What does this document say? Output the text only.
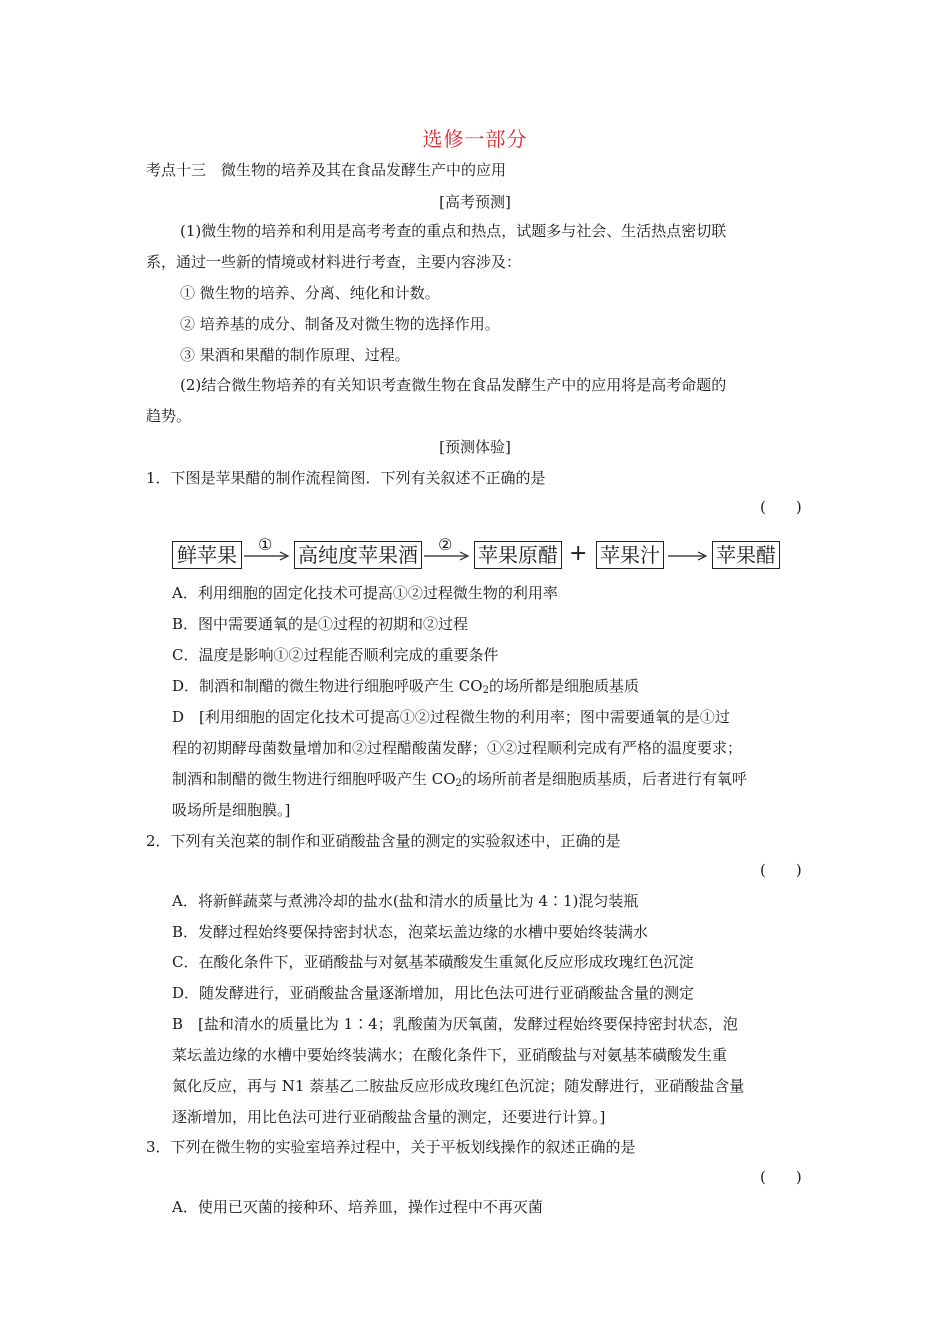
选修一部分
考点十三　微生物的培养及其在食品发酵生产中的应用
[高考预测]
(1)微生物的培养和利用是高考考查的重点和热点，试题多与社会、生活热点密切联
系，通过一些新的情境或材料进行考查，主要内容涉及：
① 微生物的培养、分离、纯化和计数。
② 培养基的成分、制备及对微生物的选择作用。
③ 果酒和果醋的制作原理、过程。
(2)结合微生物培养的有关知识考查微生物在食品发酵生产中的应用将是高考命题的
趋势。
[预测体验]
1．下图是苹果醋的制作流程简图．下列有关叙述不正确的是
(　　)
鲜苹果	① 高纯度苹果酒 ② 苹果原醋 + 苹果汁	苹果醋
A．利用细胞的固定化技术可提高①②过程微生物的利用率
B．图中需要通氧的是①过程的初期和②过程
C．温度是影响①②过程能否顺利完成的重要条件
D．制酒和制醋的微生物进行细胞呼吸产生 $CO_2$的场所都是细胞质基质
D　[利用细胞的固定化技术可提高①②过程微生物的利用率；图中需要通氧的是①过
程的初期酵母菌数量增加和②过程醋酸菌发酵；①②过程顺利完成有严格的温度要求；
制酒和制醋的微生物进行细胞呼吸产生 $CO_2$的场所前者是细胞质基质，后者进行有氧呼
吸场所是细胞膜。]
2．下列有关泡菜的制作和亚硝酸盐含量的测定的实验叙述中，正确的是
(　　)
A．将新鲜蔬菜与煮沸冷却的盐水(盐和清水的质量比为 4∶1)混匀装瓶
B．发酵过程始终要保持密封状态，泡菜坛盖边缘的水槽中要始终装满水
C．在酸化条件下，亚硝酸盐与对氨基苯磺酸发生重氮化反应形成玫瑰红色沉淀
D．随发酵进行，亚硝酸盐含量逐渐增加，用比色法可进行亚硝酸盐含量的测定
B　[盐和清水的质量比为 1∶4；乳酸菌为厌氧菌，发酵过程始终要保持密封状态，泡
菜坛盖边缘的水槽中要始终装满水；在酸化条件下，亚硝酸盐与对氨基苯磺酸发生重
氮化反应，再与 N1 萘基乙二胺盐反应形成玫瑰红色沉淀；随发酵进行，亚硝酸盐含量
逐渐增加，用比色法可进行亚硝酸盐含量的测定，还要进行计算。]
3．下列在微生物的实验室培养过程中，关于平板划线操作的叙述正确的是
(　　)
A．使用已灭菌的接种环、培养皿，操作过程中不再灭菌
